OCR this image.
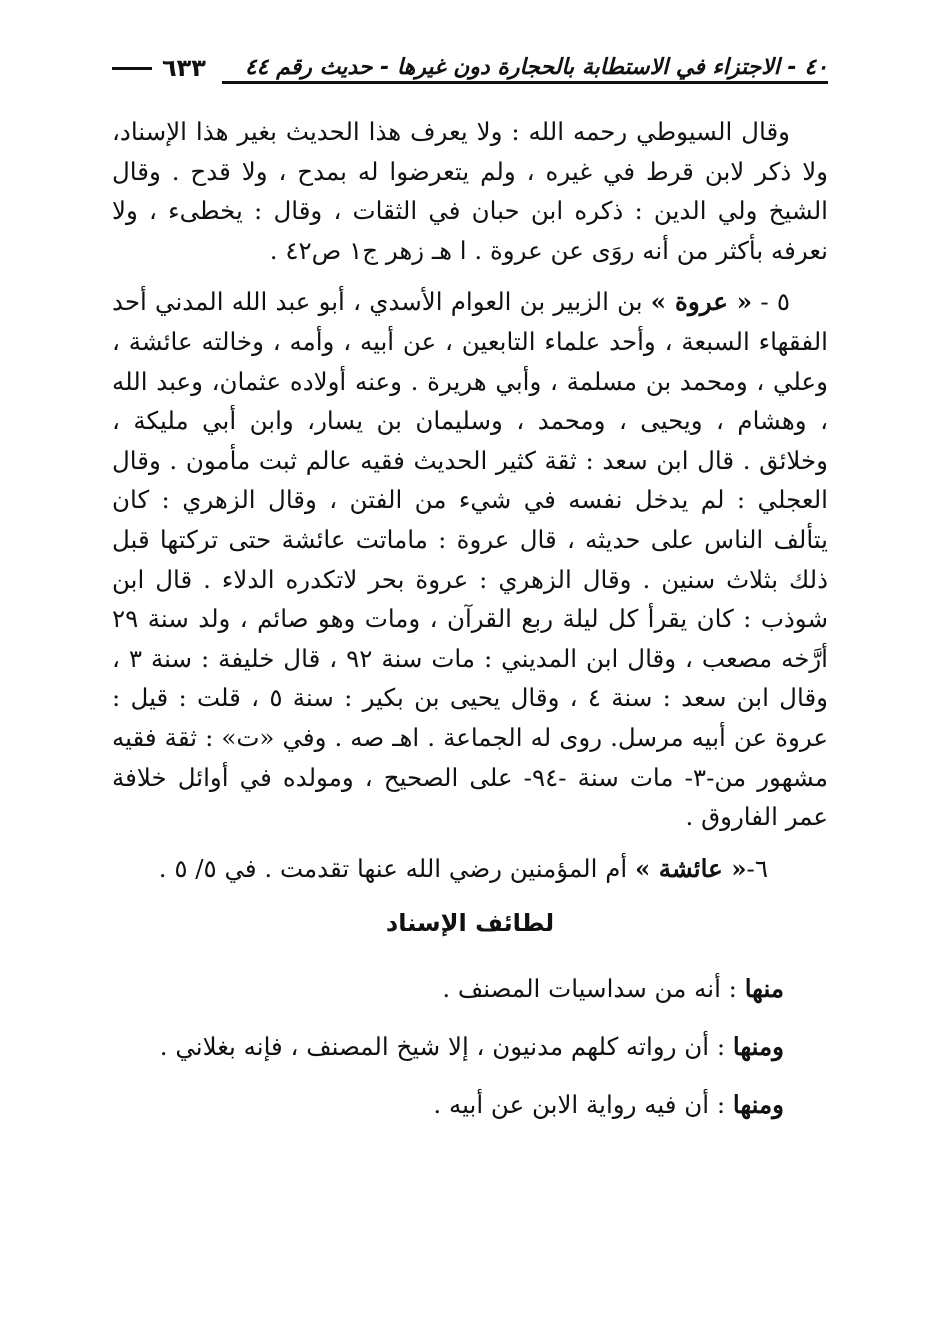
٤٠ - الاجتزاء في الاستطابة بالحجارة دون غيرها - حديث رقم ٤٤
٦٣٣

وقال السيوطي رحمه الله : ولا يعرف هذا الحديث بغير هذا الإسناد، ولا ذكر لابن قرط في غيره ، ولم يتعرضوا له بمدح ، ولا قدح . وقال الشيخ ولي الدين : ذكره ابن حبان في الثقات ، وقال : يخطىء ، ولا نعرفه بأكثر من أنه روَى عن عروة . ا هـ زهر ج١ ص٤٢ .

٥ - « عروة » بن الزبير بن العوام الأسدي ، أبو عبد الله المدني أحد الفقهاء السبعة ، وأحد علماء التابعين ، عن أبيه ، وأمه ، وخالته عائشة ، وعلي ، ومحمد بن مسلمة ، وأبي هريرة . وعنه أولاده عثمان، وعبد الله ، وهشام ، ويحيى ، ومحمد ، وسليمان بن يسار، وابن أبي مليكة ، وخلائق . قال ابن سعد : ثقة كثير الحديث فقيه عالم ثبت مأمون . وقال العجلي : لم يدخل نفسه في شيء من الفتن ، وقال الزهري : كان يتألف الناس على حديثه ، قال عروة : ماماتت عائشة حتى تركتها قبل ذلك بثلاث سنين . وقال الزهري : عروة بحر لاتكدره الدلاء . قال ابن شوذب : كان يقرأ كل ليلة ربع القرآن ، ومات وهو صائم ، ولد سنة ٢٩ أرَّخه مصعب ، وقال ابن المديني : مات سنة ٩٢ ، قال خليفة : سنة ٣ ، وقال ابن سعد : سنة ٤ ، وقال يحيى بن بكير : سنة ٥ ، قلت : قيل : عروة عن أبيه مرسل. روى له الجماعة . اهـ صه . وفي «ت» : ثقة فقيه مشهور من-٣- مات سنة -٩٤- على الصحيح ، ومولده في أوائل خلافة عمر الفاروق .

٦-« عائشة » أم المؤمنين رضي الله عنها تقدمت . في ٥/ ٥ .

لطائف الإسناد

منها : أنه من سداسيات المصنف .

ومنها : أن رواته كلهم مدنيون ، إلا شيخ المصنف ، فإنه بغلاني .

ومنها : أن فيه رواية الابن عن أبيه .
